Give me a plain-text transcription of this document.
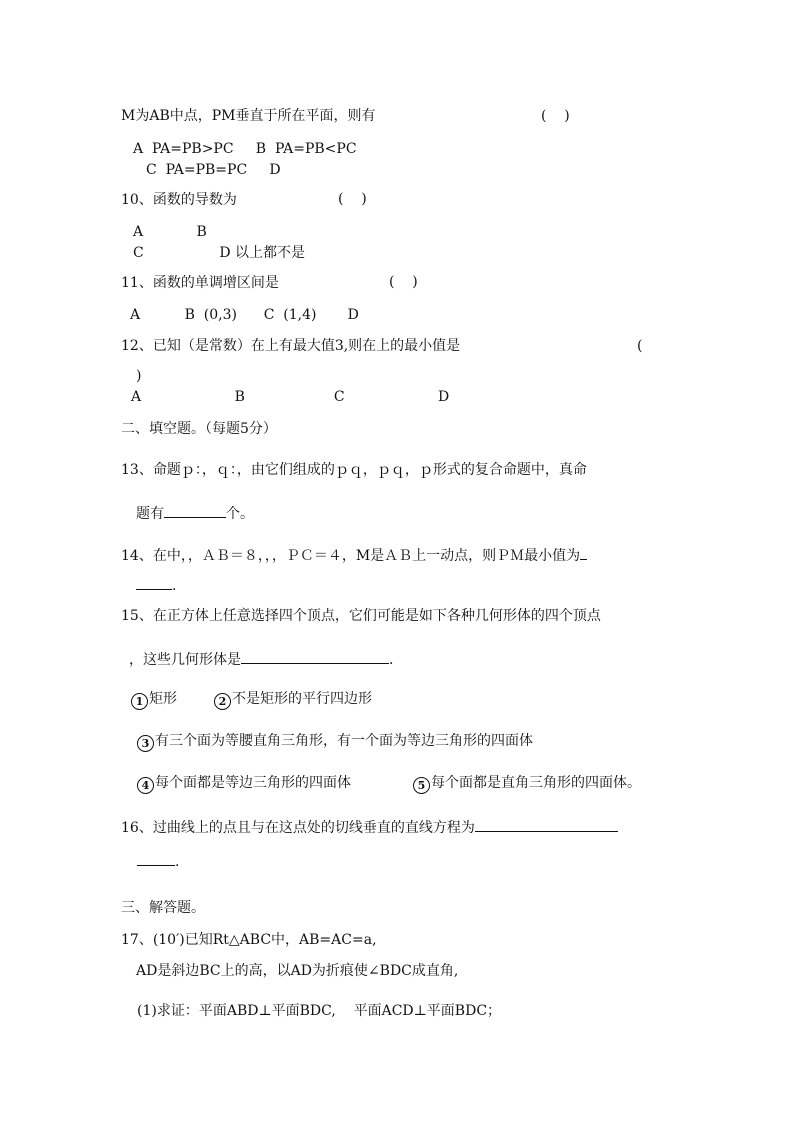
M为AB中点，PM垂直于所在平面，则有	(    )
A  PA=PB>PC     B  PA=PB<PC
C  PA=PB=PC     D
10、函数的导数为	(    )
A            B
C                 D 以上都不是
11、函数的单调增区间是	(    )
A          B  (0,3)      C  (1,4)       D
12、已知（是常数）在上有最大值3,则在上的最小值是	(
)
A                     B                    C                     D
二、填空题。（每题5分）
13、命题ｐ：，ｑ：，由它们组成的ｐｑ，ｐｑ，ｐ形式的复合命题中，真命
题有	个。
14、在中，，ＡＢ＝８，，，ＰＣ＝４，M是ＡＢ上一动点，则ＰＭ最小值为
.
15、在正方体上任意选择四个顶点，它们可能是如下各种几何形体的四个顶点
，这些几何形体是	.
1 矩形	2 不是矩形的平行四边形
3 有三个面为等腰直角三角形，有一个面为等边三角形的四面体
4 每个面都是等边三角形的四面体	5 每个面都是直角三角形的四面体。
16、过曲线上的点且与在这点处的切线垂直的直线方程为
.
三、解答题。
17、(10′)已知Rt△ABC中，AB=AC=a,
AD是斜边BC上的高，以AD为折痕使∠BDC成直角,
(1)求证：平面ABD⊥平面BDC,    平面ACD⊥平面BDC；
